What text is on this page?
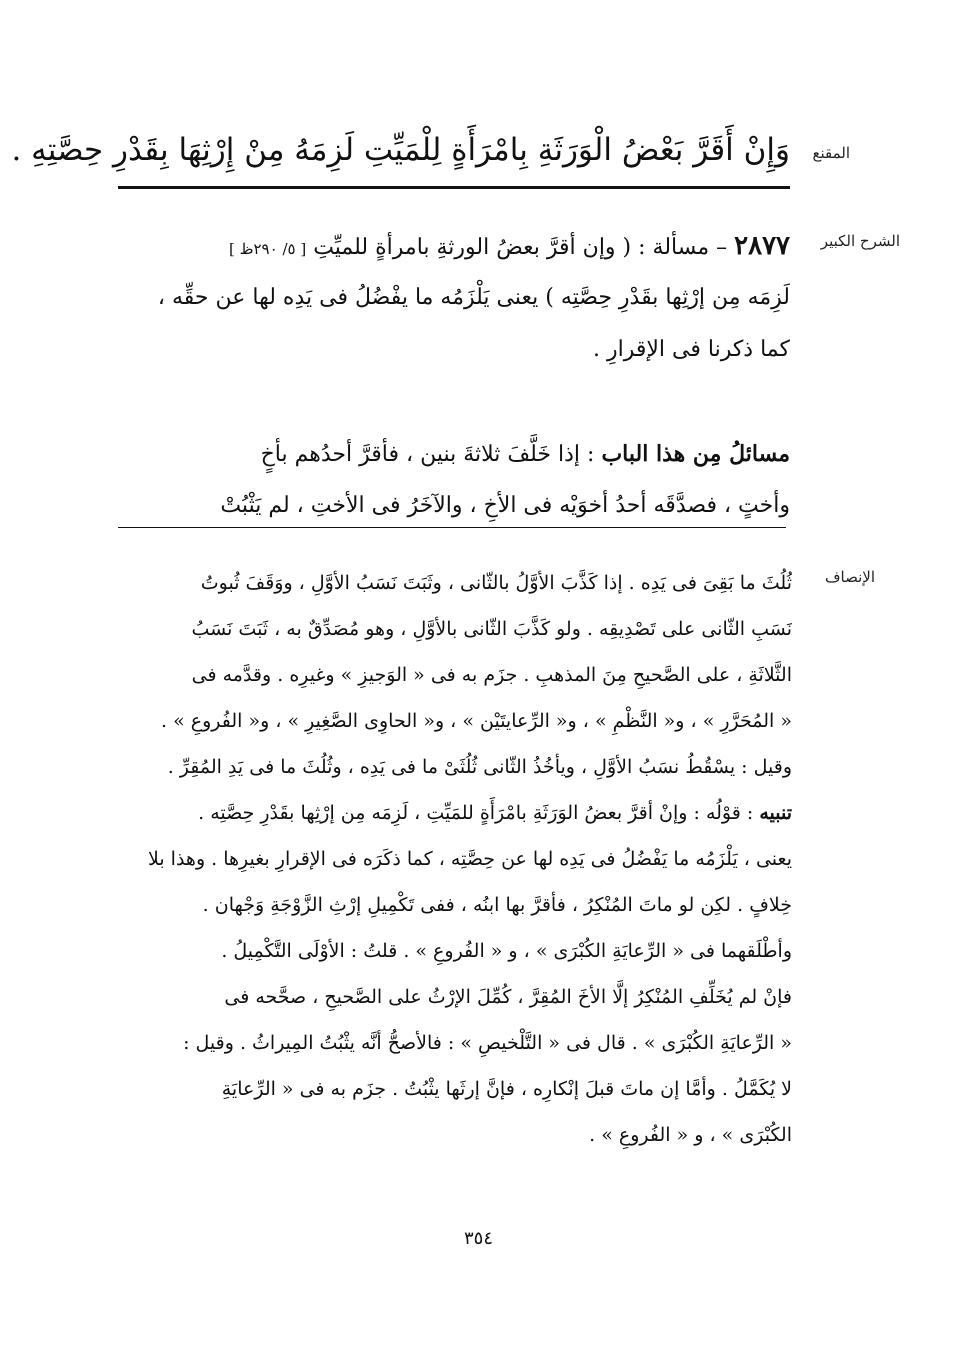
المقنع
وَإِنْ أَقَرَّ بَعْضُ الْوَرَثَةِ بِامْرَأَةٍ لِلْمَيِّتِ لَزِمَهُ مِنْ إِرْثِهَا بِقَدْرِ حِصَّتِهِ .
الشرح الكبير
٢٨٧٧ – مسألة : ( وإن أقرَّ بعضُ الورثةِ بامرأةٍ للميِّتِ [ ٥/ ٢٩٠ظ ]
لَزِمَه مِن إرْثِها بقَدْرِ حِصَّتِه ) يعنى يَلْزَمُه ما يفْضُلُ فى يَدِه لها عن حقِّه ،
كما ذكرنا فى الإقرارِ .
مسائلُ مِن هذا الباب : إذا خَلَّفَ ثلاثةَ بنين ، فأقرَّ أحدُهم بأخٍ
وأختٍ ، فصدَّقَه أحدُ أخوَيْه فى الأخِ ، والآخَرُ فى الأختِ ، لم يَثْبُتْ
الإنصاف
ثُلُثَ ما بَقِىَ فى يَدِه . إذا كَذَّبَ الأوَّلُ بالثّانى ، وثَبَتَ نَسَبُ الأوَّلِ ، ووَقَفَ ثُبوتُ
نَسَبِ الثّانى على تَصْدِيقِه . ولو كَذَّبَ الثّانى بالأوَّلِ ، وهو مُصَدِّقٌ به ، ثَبَتَ نَسَبُ
الثَّلاثَةِ ، على الصَّحيحِ مِنَ المذهبِ . جزَم به فى « الوَجيزِ » وغيرِه . وقدَّمه فى
« المُحَرَّرِ » ، و« النَّظْمِ » ، و« الرِّعايتَيْن » ، و« الحاوِى الصَّغِيرِ » ، و« الفُروعِ » .
وقيل : يسْقُطُ نسَبُ الأوَّلِ ، ويأخُذُ الثّانى ثُلُثَىْ ما فى يَدِه ، وثُلُثَ ما فى يَدِ المُقِرِّ .
تنبيه : قوْلُه : وإنْ أقرَّ بعضُ الوَرَثَةِ بامْرَأَةٍ للمَيِّتِ ، لَزِمَه مِن إرْثِها بقَدْرِ حِصَّتِه .
يعنى ، يَلْزَمُه ما يَفْضُلُ فى يَدِه لها عن حِصَّتِه ، كما ذكَرَه فى الإقرارِ بغيرِها . وهذا بلا
خِلافٍ . لكِن لو ماتَ المُنْكِرُ ، فأقرَّ بها ابنُه ، ففى تَكْمِيلِ إرْثِ الزَّوْجَةِ وَجْهان .
وأطْلَقهما فى « الرِّعايَةِ الكُبْرَى » ، و « الفُروعِ » . قلتُ : الأوْلَى التَّكْمِيلُ .
فإنْ لم يُخَلِّفِ المُنْكِرُ إلَّا الأخَ المُقِرَّ ، كُمِّلَ الإرْثُ على الصَّحيحِ ، صحَّحه فى
« الرِّعايَةِ الكُبْرَى » . قال فى « التَّلْخيصِ » : فالأصحُّ أنَّه يثْبُتُ المِيراثُ . وقيل :
لا يُكَمَّلُ . وأمَّا إن ماتَ قبلَ إنْكارِه ، فإنَّ إرثَها يثْبُتُ . جزَم به فى « الرِّعايَةِ
الكُبْرَى » ، و « الفُروعِ » .
٣٥٤
